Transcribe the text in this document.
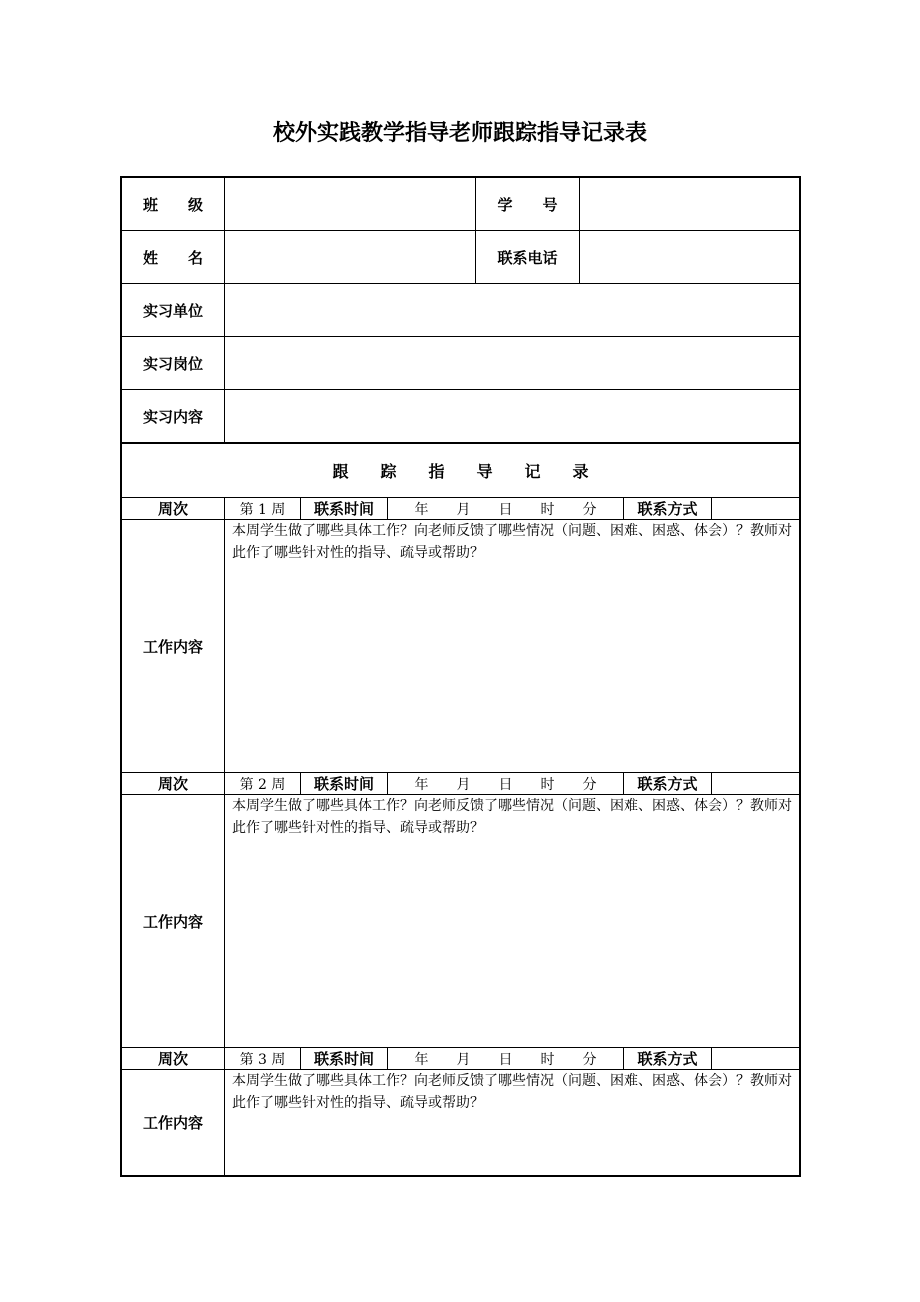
校外实践教学指导老师跟踪指导记录表
班　　级	学　　号
姓　　名	联系电话
实习单位
实习岗位
实习内容
跟　　踪　　指　　导　　记　　录
周次	第 1 周	联系时间	年　　月　　日　　时　　分	联系方式
工作内容
本周学生做了哪些具体工作？向老师反馈了哪些情况（问题、困难、困惑、体会）？教师对此作了哪些针对性的指导、疏导或帮助？
周次	第 2 周	联系时间	年　　月　　日　　时　　分	联系方式
工作内容
本周学生做了哪些具体工作？向老师反馈了哪些情况（问题、困难、困惑、体会）？教师对此作了哪些针对性的指导、疏导或帮助？
周次	第 3 周	联系时间	年　　月　　日　　时　　分	联系方式
工作内容
本周学生做了哪些具体工作？向老师反馈了哪些情况（问题、困难、困惑、体会）？教师对此作了哪些针对性的指导、疏导或帮助？
